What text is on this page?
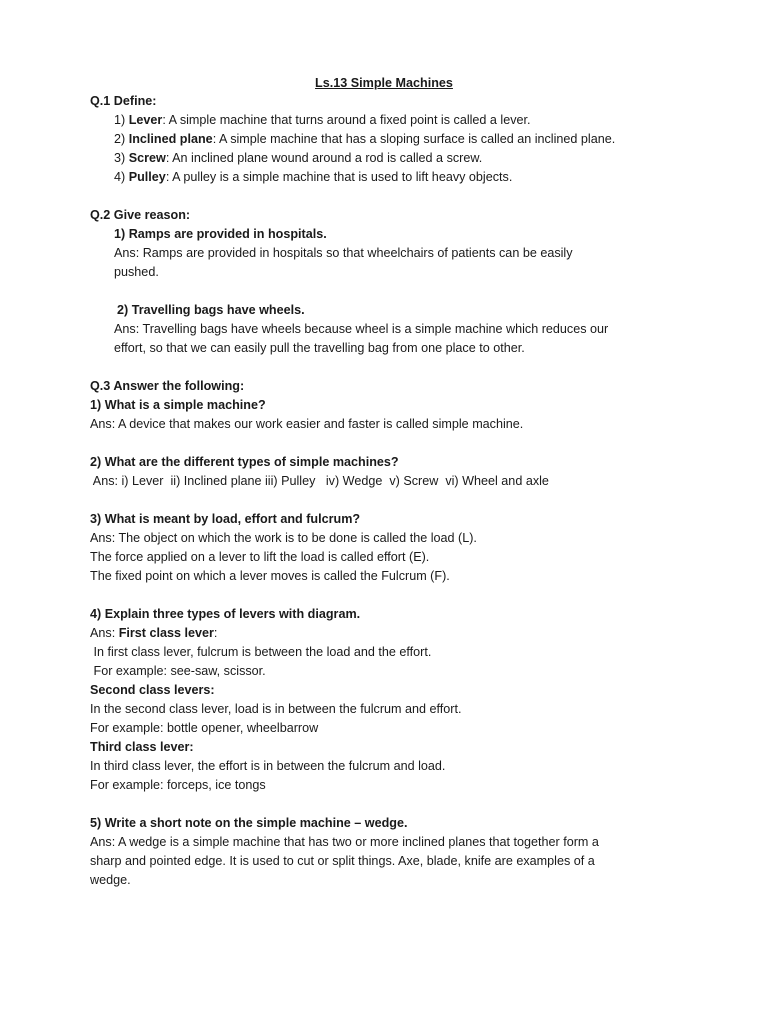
Ls.13 Simple Machines
Q.1 Define:
1) Lever: A simple machine that turns around a fixed point is called a lever.
2) Inclined plane: A simple machine that has a sloping surface is called an inclined plane.
3) Screw: An inclined plane wound around a rod is called a screw.
4) Pulley: A pulley is a simple machine that is used to lift heavy objects.
Q.2 Give reason:
1) Ramps are provided in hospitals.
Ans: Ramps are provided in hospitals so that wheelchairs of patients can be easily
pushed.
2) Travelling bags have wheels.
Ans: Travelling bags have wheels because wheel is a simple machine which reduces our
effort, so that we can easily pull the travelling bag from one place to other.
Q.3 Answer the following:
1) What is a simple machine?
Ans: A device that makes our work easier and faster is called simple machine.
2) What are the different types of simple machines?
Ans: i) Lever  ii) Inclined plane iii) Pulley   iv) Wedge  v) Screw  vi) Wheel and axle
3) What is meant by load, effort and fulcrum?
Ans: The object on which the work is to be done is called the load (L).
The force applied on a lever to lift the load is called effort (E).
The fixed point on which a lever moves is called the Fulcrum (F).
4) Explain three types of levers with diagram.
Ans: First class lever:
In first class lever, fulcrum is between the load and the effort.
For example: see-saw, scissor.
Second class levers:
In the second class lever, load is in between the fulcrum and effort.
For example: bottle opener, wheelbarrow
Third class lever:
In third class lever, the effort is in between the fulcrum and load.
For example: forceps, ice tongs
5) Write a short note on the simple machine – wedge.
Ans: A wedge is a simple machine that has two or more inclined planes that together form a
sharp and pointed edge. It is used to cut or split things. Axe, blade, knife are examples of a
wedge.
